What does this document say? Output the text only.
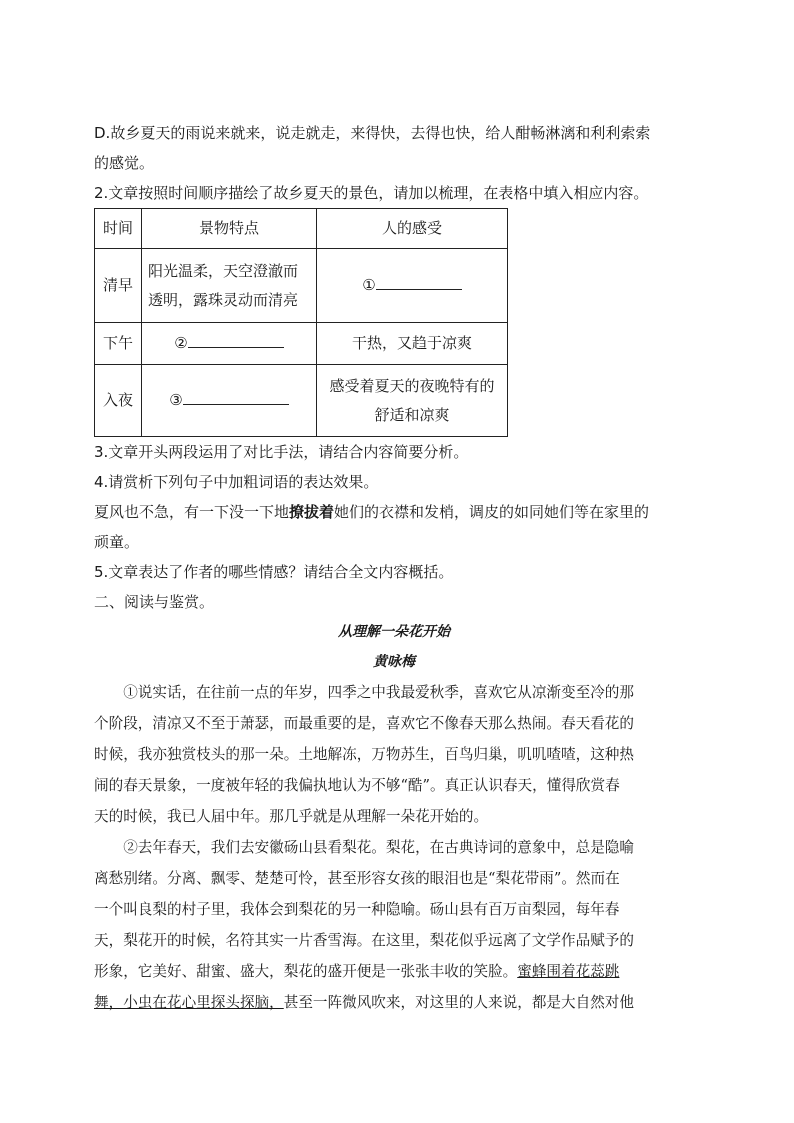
D.故乡夏天的雨说来就来，说走就走，来得快，去得也快，给人酣畅淋漓和利利索索

的感觉。

2.文章按照时间顺序描绘了故乡夏天的景色，请加以梳理，在表格中填入相应内容。

时间	景物特点	人的感受
清早	阳光温柔，天空澄澈而
透明，露珠灵动而清亮	①
下午	②	干热，又趋于凉爽
入夜	③	感受着夏天的夜晚特有的
舒适和凉爽

3.文章开头两段运用了对比手法，请结合内容简要分析。

4.请赏析下列句子中加粗词语的表达效果。

夏风也不急，有一下没一下地撩拔着她们的衣襟和发梢，调皮的如同她们等在家里的

顽童。

5.文章表达了作者的哪些情感？请结合全文内容概括。

二、阅读与鉴赏。

从理解一朵花开始

黄咏梅

①说实话，在往前一点的年岁，四季之中我最爱秋季，喜欢它从凉渐变至冷的那

个阶段，清凉又不至于萧瑟，而最重要的是，喜欢它不像春天那么热闹。春天看花的

时候，我亦独赏枝头的那一朵。土地解冻，万物苏生，百鸟归巢，叽叽喳喳，这种热

闹的春天景象，一度被年轻的我偏执地认为不够“酷”。真正认识春天，懂得欣赏春

天的时候，我已人届中年。那几乎就是从理解一朵花开始的。

②去年春天，我们去安徽砀山县看梨花。梨花，在古典诗词的意象中，总是隐喻

离愁别绪。分离、飘零、楚楚可怜，甚至形容女孩的眼泪也是“梨花带雨”。然而在

一个叫良梨的村子里，我体会到梨花的另一种隐喻。砀山县有百万亩梨园，每年春

天，梨花开的时候，名符其实一片香雪海。在这里，梨花似乎远离了文学作品赋予的

形象，它美好、甜蜜、盛大，梨花的盛开便是一张张丰收的笑脸。蜜蜂围着花蕊跳

舞，小虫在花心里探头探脑，甚至一阵微风吹来，对这里的人来说，都是大自然对他
